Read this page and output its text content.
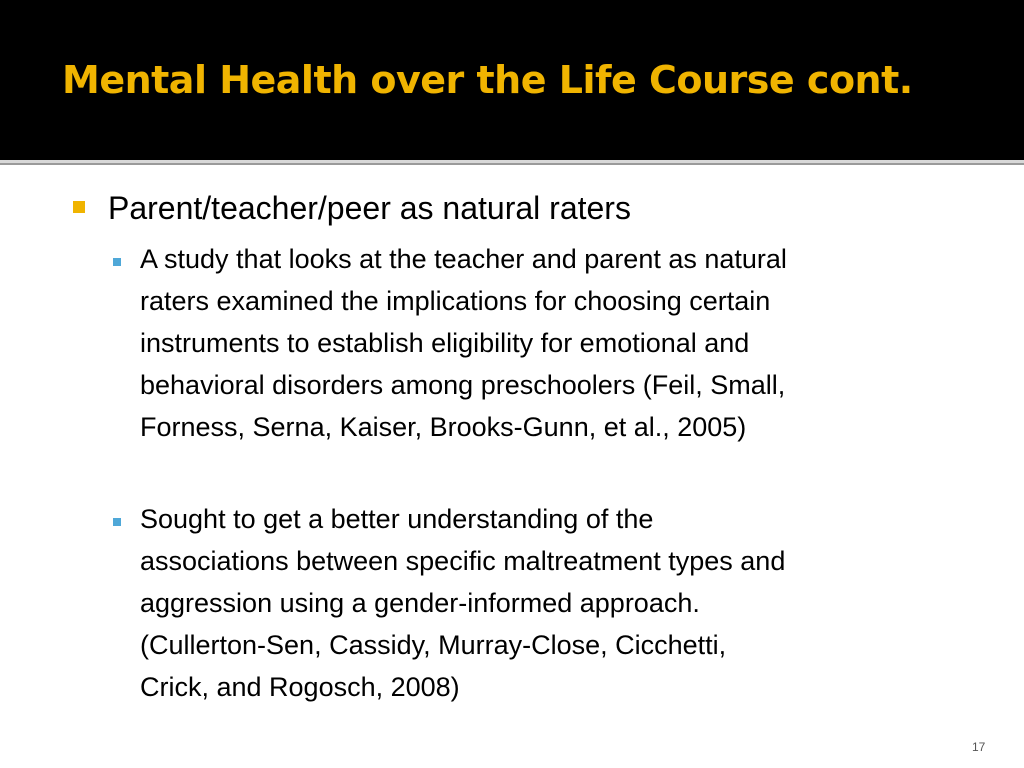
Mental Health over the Life Course cont.
Parent/teacher/peer as natural raters
A study that looks at the teacher and parent as natural
raters examined the implications for choosing certain
instruments to establish eligibility for emotional and
behavioral disorders among preschoolers (Feil, Small,
Forness, Serna, Kaiser, Brooks-Gunn, et al., 2005)
Sought to get a better understanding of the
associations between specific maltreatment types and
aggression using a gender-informed approach.
(Cullerton-Sen, Cassidy, Murray-Close, Cicchetti,
Crick, and Rogosch, 2008)
17
